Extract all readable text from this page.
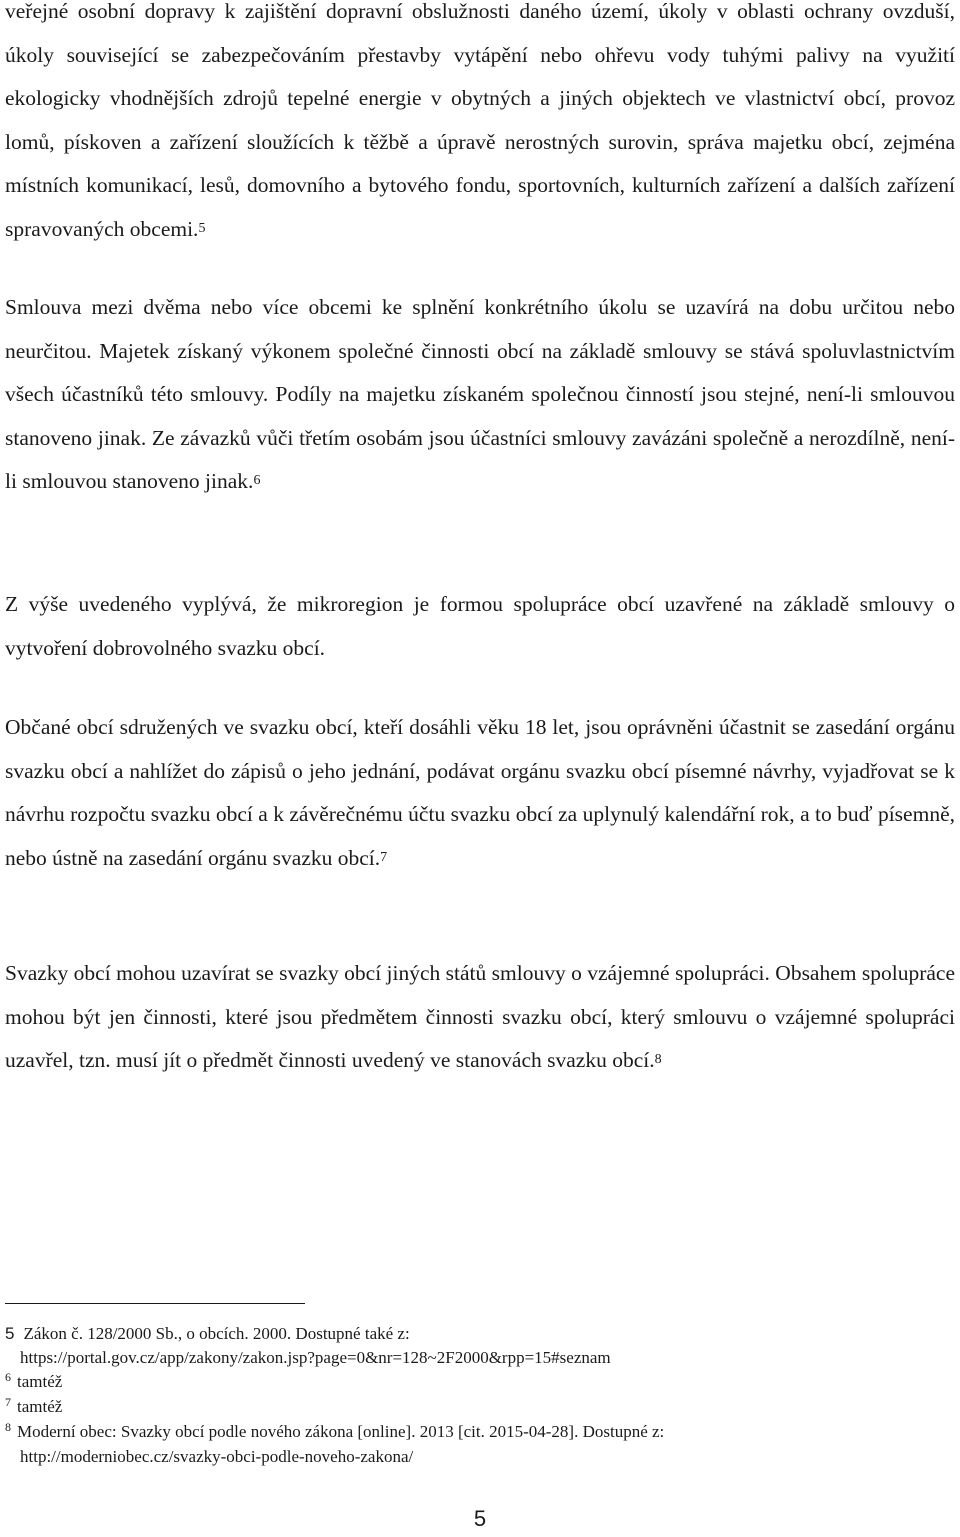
veřejné osobní dopravy k zajištění dopravní obslužnosti daného území, úkoly v oblasti ochrany ovzduší, úkoly související se zabezpečováním přestavby vytápění nebo ohřevu vody tuhými palivy na využití ekologicky vhodnějších zdrojů tepelné energie v obytných a jiných objektech ve vlastnictví obcí, provoz lomů, pískoven a zařízení sloužících k těžbě a úpravě nerostných surovin, správa majetku obcí, zejména místních komunikací, lesů, domovního a bytového fondu, sportovních, kulturních zařízení a dalších zařízení spravovaných obcemi.$^5$

Smlouva mezi dvěma nebo více obcemi ke splnění konkrétního úkolu se uzavírá na dobu určitou nebo neurčitou. Majetek získaný výkonem společné činnosti obcí na základě smlouvy se stává spoluvlastnictvím všech účastníků této smlouvy. Podíly na majetku získaném společnou činností jsou stejné, není-li smlouvou stanoveno jinak. Ze závazků vůči třetím osobám jsou účastníci smlouvy zavázáni společně a nerozdílně, není-li smlouvou stanoveno jinak.$^6$

Z výše uvedeného vyplývá, že mikroregion je formou spolupráce obcí uzavřené na základě smlouvy o vytvoření dobrovolného svazku obcí.

Občané obcí sdružených ve svazku obcí, kteří dosáhli věku 18 let, jsou oprávněni účastnit se zasedání orgánu svazku obcí a nahlížet do zápisů o jeho jednání, podávat orgánu svazku obcí písemné návrhy, vyjadřovat se k návrhu rozpočtu svazku obcí a k závěrečnému účtu svazku obcí za uplynulý kalendářní rok, a to buď písemně, nebo ústně na zasedání orgánu svazku obcí.$^7$

Svazky obcí mohou uzavírat se svazky obcí jiných států smlouvy o vzájemné spolupráci. Obsahem spolupráce mohou být jen činnosti, které jsou předmětem činnosti svazku obcí, který smlouvu o vzájemné spolupráci uzavřel, tzn. musí jít o předmět činnosti uvedený ve stanovách svazku obcí.$^8$

5 Zákon č. 128/2000 Sb., o obcích. 2000. Dostupné také z:
https://portal.gov.cz/app/zakony/zakon.jsp?page=0&nr=128~2F2000&rpp=15#seznam

$^6$ tamtéž

$^7$ tamtéž

$^8$ Moderní obec: Svazky obcí podle nového zákona [online]. 2013 [cit. 2015-04-28]. Dostupné z:
http://moderniobec.cz/svazky-obci-podle-noveho-zakona/

5
